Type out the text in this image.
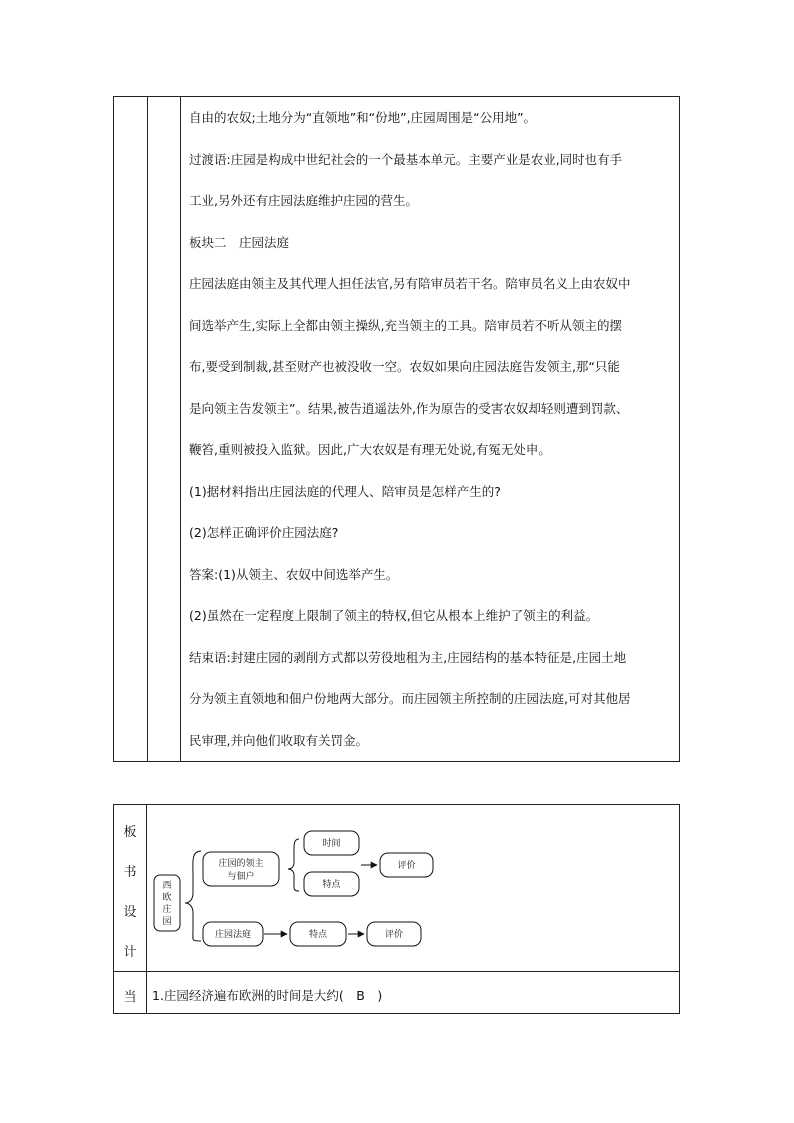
自由的农奴;土地分为“直领地”和“份地”,庄园周围是“公用地”。

过渡语:庄园是构成中世纪社会的一个最基本单元。主要产业是农业,同时也有手

工业,另外还有庄园法庭维护庄园的营生。

板块二　庄园法庭

庄园法庭由领主及其代理人担任法官,另有陪审员若干名。陪审员名义上由农奴中

间选举产生,实际上全都由领主操纵,充当领主的工具。陪审员若不听从领主的摆

布,要受到制裁,甚至财产也被没收一空。农奴如果向庄园法庭告发领主,那“只能

是向领主告发领主”。结果,被告逍遥法外,作为原告的受害农奴却轻则遭到罚款、

鞭笞,重则被投入监狱。因此,广大农奴是有理无处说,有冤无处申。

(1)据材料指出庄园法庭的代理人、陪审员是怎样产生的?

(2)怎样正确评价庄园法庭?

答案:(1)从领主、农奴中间选举产生。

(2)虽然在一定程度上限制了领主的特权,但它从根本上维护了领主的利益。

结束语:封建庄园的剥削方式都以劳役地租为主,庄园结构的基本特征是,庄园土地

分为领主直领地和佃户份地两大部分。而庄园领主所控制的庄园法庭,可对其他居

民审理,并向他们收取有关罚金。

板
书
设
计
西
欧
庄
园
庄园的领主
与佃户
时间
特点
评价
庄园法庭	特点	评价
当	1.庄园经济遍布欧洲的时间是大约(　B　)
